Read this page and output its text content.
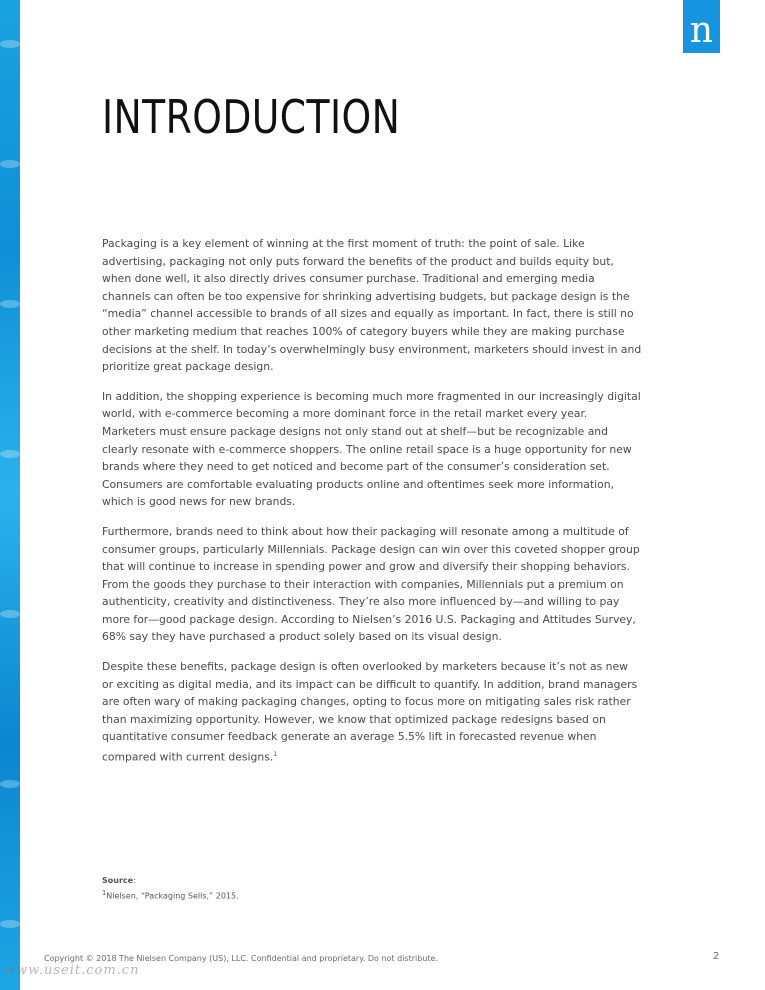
n
INTRODUCTION

Packaging is a key element of winning at the first moment of truth: the point of sale. Like advertising, packaging not only puts forward the benefits of the product and builds equity but, when done well, it also directly drives consumer purchase. Traditional and emerging media channels can often be too expensive for shrinking advertising budgets, but package design is the “media” channel accessible to brands of all sizes and equally as important. In fact, there is still no other marketing medium that reaches 100% of category buyers while they are making purchase decisions at the shelf. In today’s overwhelmingly busy environment, marketers should invest in and prioritize great package design.

In addition, the shopping experience is becoming much more fragmented in our increasingly digital world, with e-commerce becoming a more dominant force in the retail market every year. Marketers must ensure package designs not only stand out at shelf—but be recognizable and clearly resonate with e-commerce shoppers. The online retail space is a huge opportunity for new brands where they need to get noticed and become part of the consumer’s consideration set. Consumers are comfortable evaluating products online and oftentimes seek more information, which is good news for new brands.

Furthermore, brands need to think about how their packaging will resonate among a multitude of consumer groups, particularly Millennials. Package design can win over this coveted shopper group that will continue to increase in spending power and grow and diversify their shopping behaviors. From the goods they purchase to their interaction with companies, Millennials put a premium on authenticity, creativity and distinctiveness. They’re also more influenced by—and willing to pay more for—good package design. According to Nielsen’s 2016 U.S. Packaging and Attitudes Survey, 68% say they have purchased a product solely based on its visual design.

Despite these benefits, package design is often overlooked by marketers because it’s not as new or exciting as digital media, and its impact can be difficult to quantify. In addition, brand managers are often wary of making packaging changes, opting to focus more on mitigating sales risk rather than maximizing opportunity. However, we know that optimized package redesigns based on quantitative consumer feedback generate an average 5.5% lift in forecasted revenue when compared with current designs.$^1$

Source:
$^1$Nielsen, “Packaging Sells,” 2015.
Copyright © 2018 The Nielsen Company (US), LLC. Confidential and proprietary. Do not distribute.	2
www.useit.com.cn
